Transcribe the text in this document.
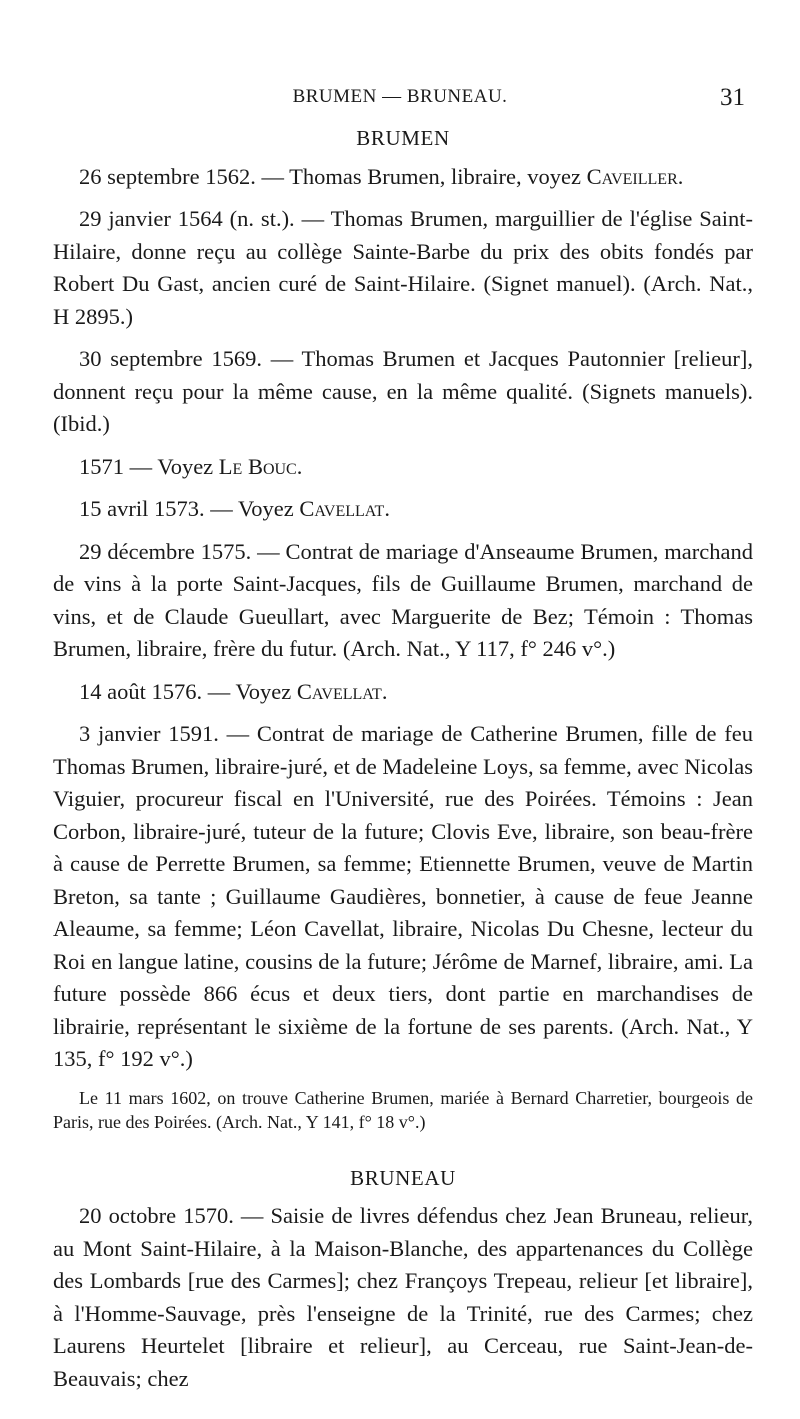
BRUMEN — BRUNEAU.	31
BRUMEN

26 septembre 1562. — Thomas Brumen, libraire, voyez Caveiller.

29 janvier 1564 (n. st.). — Thomas Brumen, marguillier de l'église Saint-Hilaire, donne reçu au collège Sainte-Barbe du prix des obits fondés par Robert Du Gast, ancien curé de Saint-Hilaire. (Signet manuel). (Arch. Nat., H 2895.)

30 septembre 1569. — Thomas Brumen et Jacques Pautonnier [relieur], donnent reçu pour la même cause, en la même qualité. (Signets manuels). (Ibid.)

1571 — Voyez Le Bouc.

15 avril 1573. — Voyez Cavellat.

29 décembre 1575. — Contrat de mariage d'Anseaume Brumen, marchand de vins à la porte Saint-Jacques, fils de Guillaume Brumen, marchand de vins, et de Claude Gueullart, avec Marguerite de Bez; Témoin : Thomas Brumen, libraire, frère du futur. (Arch. Nat., Y 117, f° 246 v°.)

14 août 1576. — Voyez Cavellat.

3 janvier 1591. — Contrat de mariage de Catherine Brumen, fille de feu Thomas Brumen, libraire-juré, et de Madeleine Loys, sa femme, avec Nicolas Viguier, procureur fiscal en l'Université, rue des Poirées. Témoins : Jean Corbon, libraire-juré, tuteur de la future; Clovis Eve, libraire, son beau-frère à cause de Perrette Brumen, sa femme; Etiennette Brumen, veuve de Martin Breton, sa tante ; Guillaume Gaudières, bonnetier, à cause de feue Jeanne Aleaume, sa femme; Léon Cavellat, libraire, Nicolas Du Chesne, lecteur du Roi en langue latine, cousins de la future; Jérôme de Marnef, libraire, ami. La future possède 866 écus et deux tiers, dont partie en marchandises de librairie, représentant le sixième de la fortune de ses parents. (Arch. Nat., Y 135, f° 192 v°.)

Le 11 mars 1602, on trouve Catherine Brumen, mariée à Bernard Charretier, bourgeois de Paris, rue des Poirées. (Arch. Nat., Y 141, f° 18 v°.)
BRUNEAU

20 octobre 1570. — Saisie de livres défendus chez Jean Bruneau, relieur, au Mont Saint-Hilaire, à la Maison-Blanche, des appartenances du Collège des Lombards [rue des Carmes]; chez Françoys Trepeau, relieur [et libraire], à l'Homme-Sauvage, près l'enseigne de la Trinité, rue des Carmes; chez Laurens Heurtelet [libraire et relieur], au Cerceau, rue Saint-Jean-de-Beauvais; chez
